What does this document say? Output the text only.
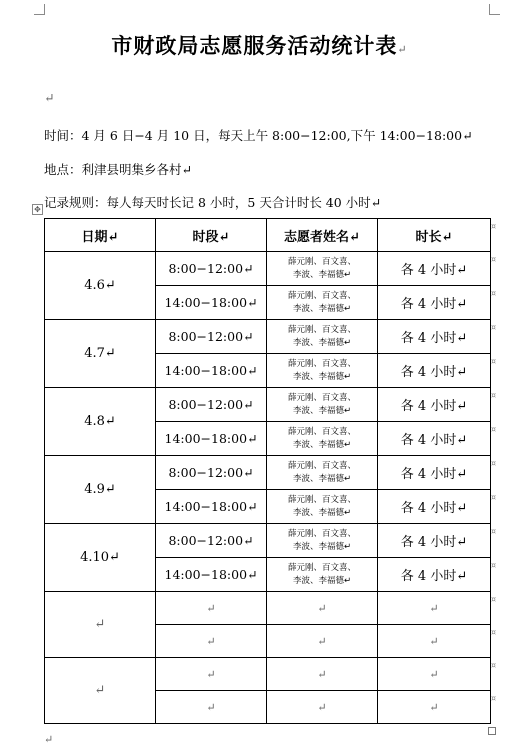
市财政局志愿服务活动统计表↵
↵
时间：4 月 6 日−4 月 10 日，每天上午 8:00−12:00,下午 14:00−18:00↵
地点：利津县明集乡各村↵
记录规则：每人每天时长记 8 小时，5 天合计时长 40 小时↵
✥
日期↵	时段↵	志愿者姓名↵	时长↵
4.6↵	8:00−12:00↵	薛元刚、百文喜、
李波、李福德↵	各 4 小时↵
	14:00−18:00↵	薛元刚、百文喜、
李波、李福德↵	各 4 小时↵
4.7↵	8:00−12:00↵	薛元刚、百文喜、
李波、李福德↵	各 4 小时↵
	14:00−18:00↵	薛元刚、百文喜、
李波、李福德↵	各 4 小时↵
4.8↵	8:00−12:00↵	薛元刚、百文喜、
李波、李福德↵	各 4 小时↵
	14:00−18:00↵	薛元刚、百文喜、
李波、李福德↵	各 4 小时↵
4.9↵	8:00−12:00↵	薛元刚、百文喜、
李波、李福德↵	各 4 小时↵
	14:00−18:00↵	薛元刚、百文喜、
李波、李福德↵	各 4 小时↵
4.10↵	8:00−12:00↵	薛元刚、百文喜、
李波、李福德↵	各 4 小时↵
	14:00−18:00↵	薛元刚、百文喜、
李波、李福德↵	各 4 小时↵
↵	↵	↵	↵
	↵	↵	↵
↵	↵	↵	↵
	↵	↵	↵
¤
¤
¤
¤
¤
¤
¤
¤
¤
¤
¤
¤
¤
¤
¤
↵
